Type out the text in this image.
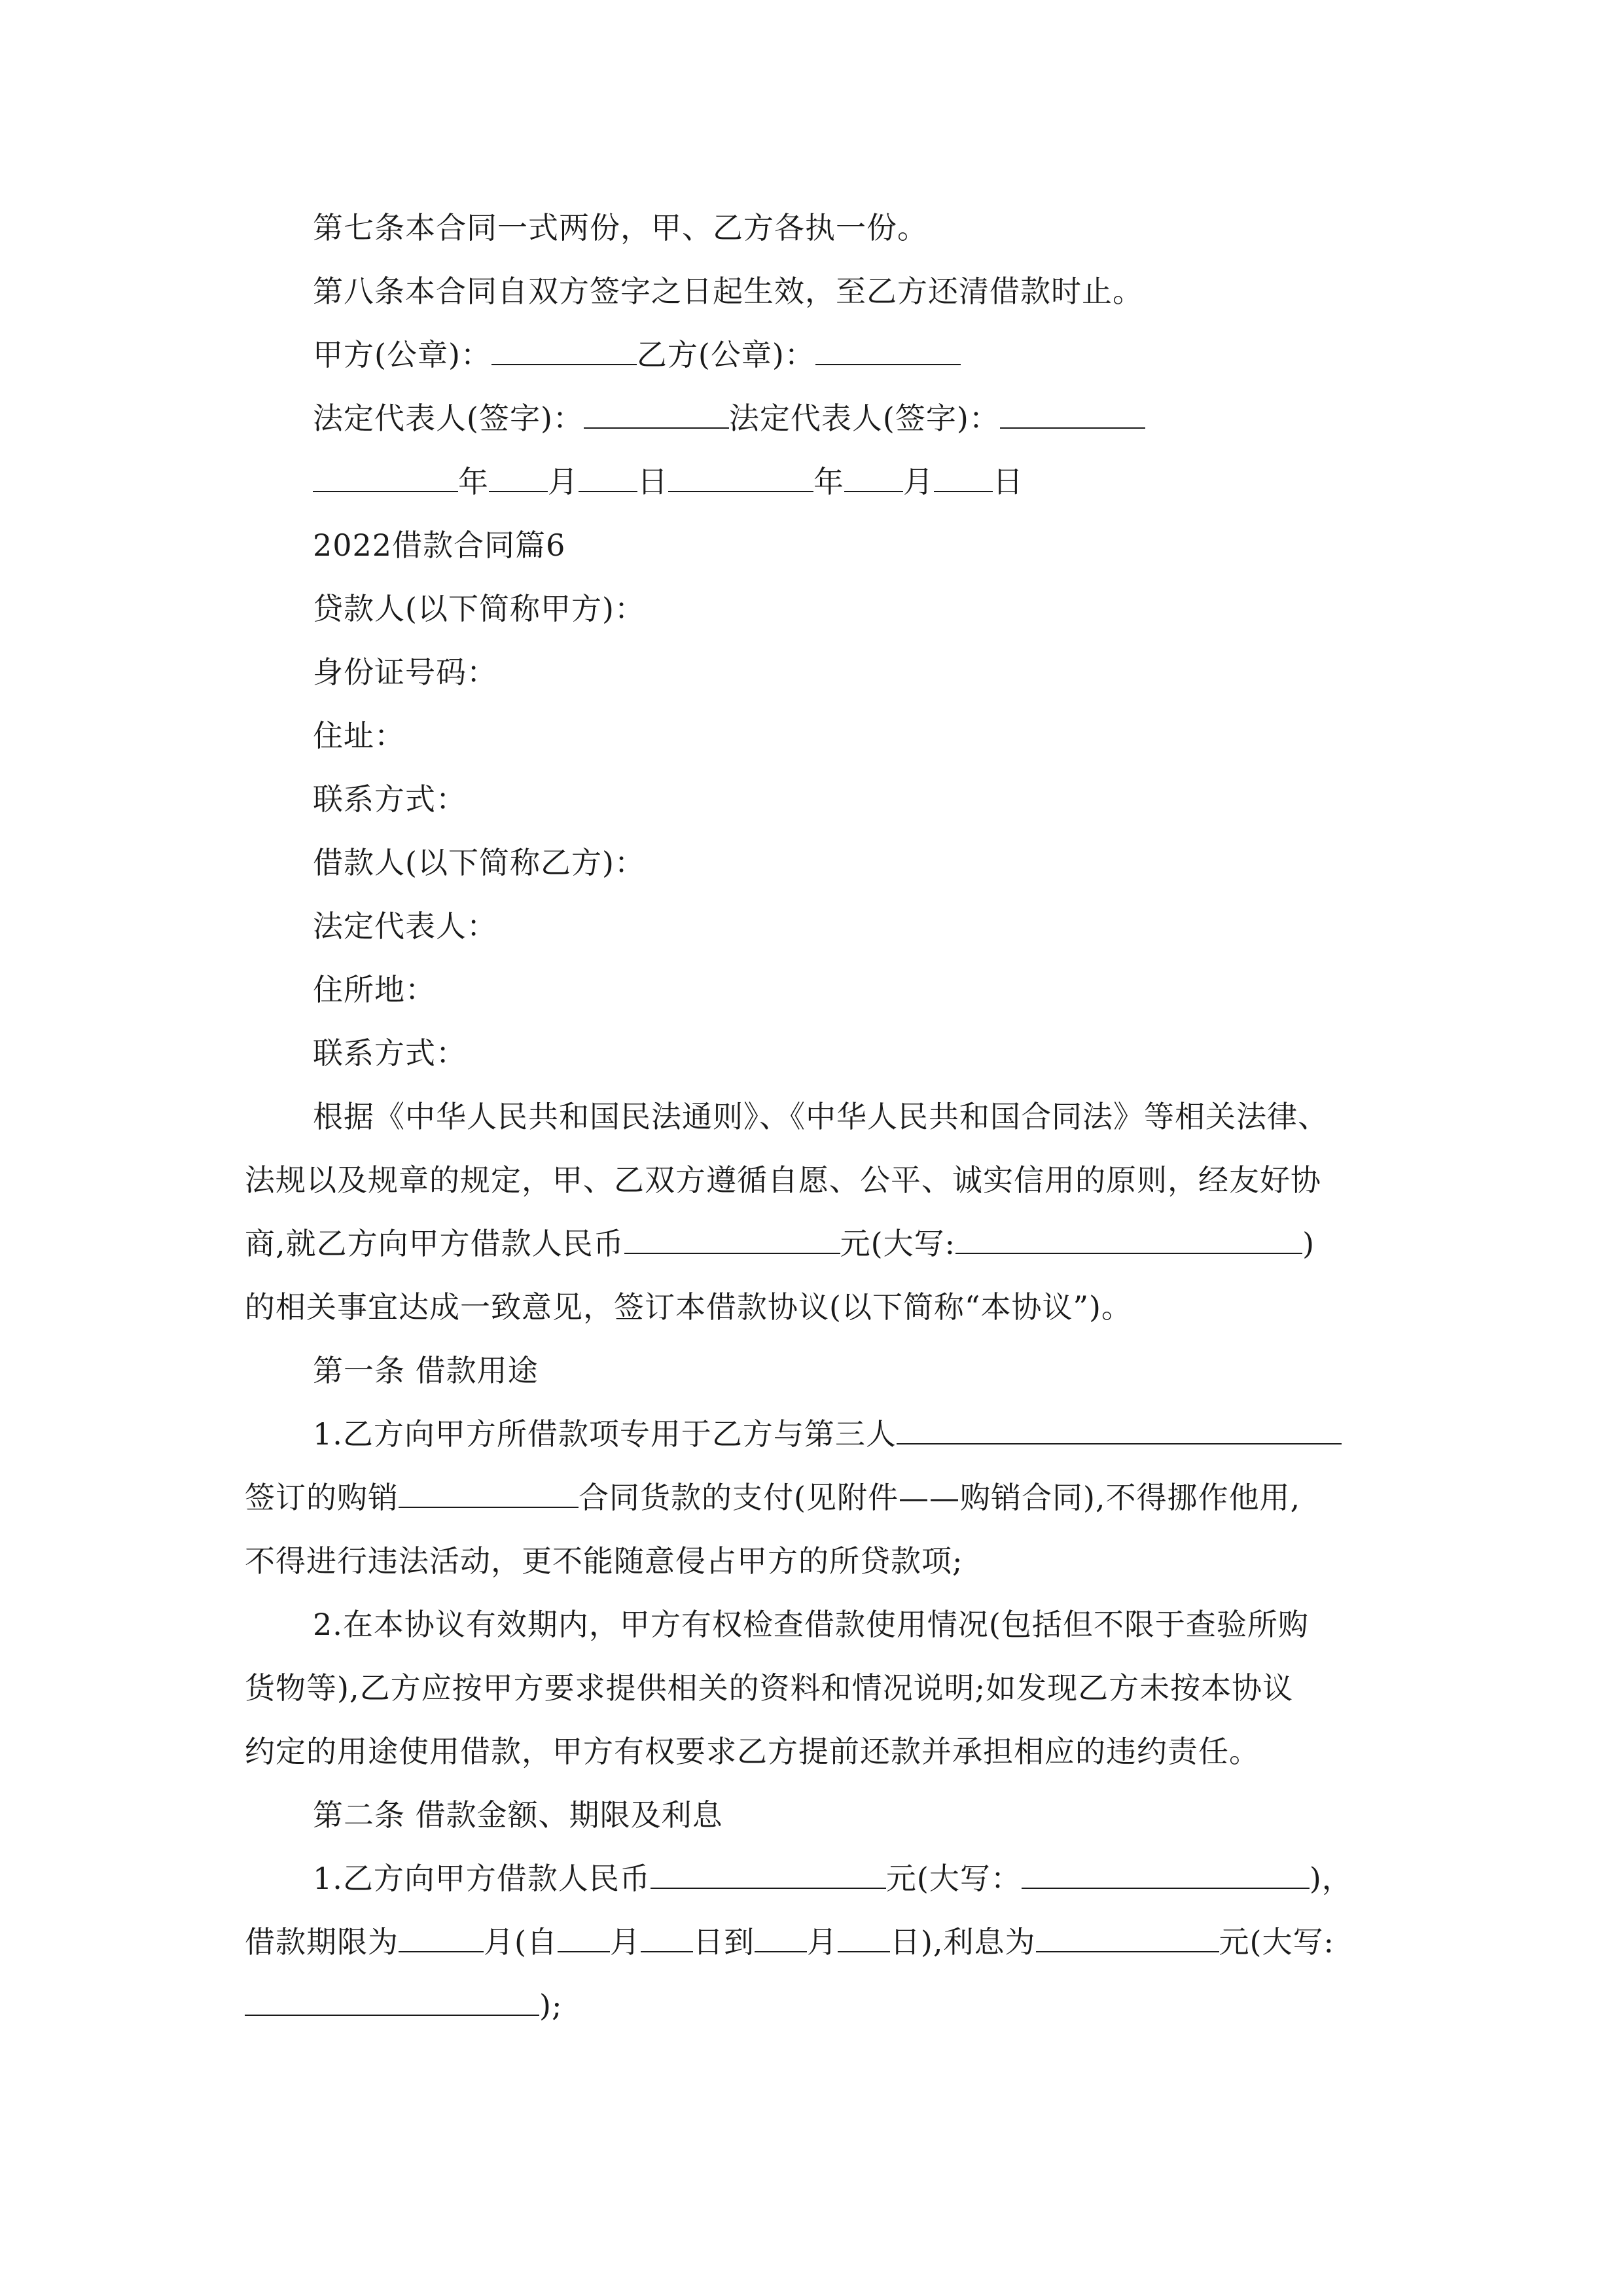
第七条本合同一式两份，甲、乙方各执一份。
第八条本合同自双方签字之日起生效，至乙方还清借款时止。
甲方(公章)：	乙方(公章)：
法定代表人(签字)：	法定代表人(签字)：
年 月 日	年 月 日
2022借款合同篇6
贷款人(以下简称甲方)：
身份证号码：
住址：
联系方式：
借款人(以下简称乙方)：
法定代表人：
住所地：
联系方式：
根据《中华人民共和国民法通则》、《中华人民共和国合同法》等相关法律、
法规以及规章的规定，甲、乙双方遵循自愿、公平、诚实信用的原则，经友好协
商,就乙方向甲方借款人民币	元(大写:	)
的相关事宜达成一致意见，签订本借款协议(以下简称“本协议”)。
第一条 借款用途
1.乙方向甲方所借款项专用于乙方与第三人
签订的购销	合同货款的支付(见附件——购销合同),不得挪作他用,
不得进行违法活动，更不能随意侵占甲方的所贷款项;
2.在本协议有效期内，甲方有权检查借款使用情况(包括但不限于查验所购
货物等),乙方应按甲方要求提供相关的资料和情况说明;如发现乙方未按本协议
约定的用途使用借款，甲方有权要求乙方提前还款并承担相应的违约责任。
第二条 借款金额、期限及利息
1.乙方向甲方借款人民币	元(大写：	)，
借款期限为	月(自 月 日到 月 日),利息为	元(大写:
);
